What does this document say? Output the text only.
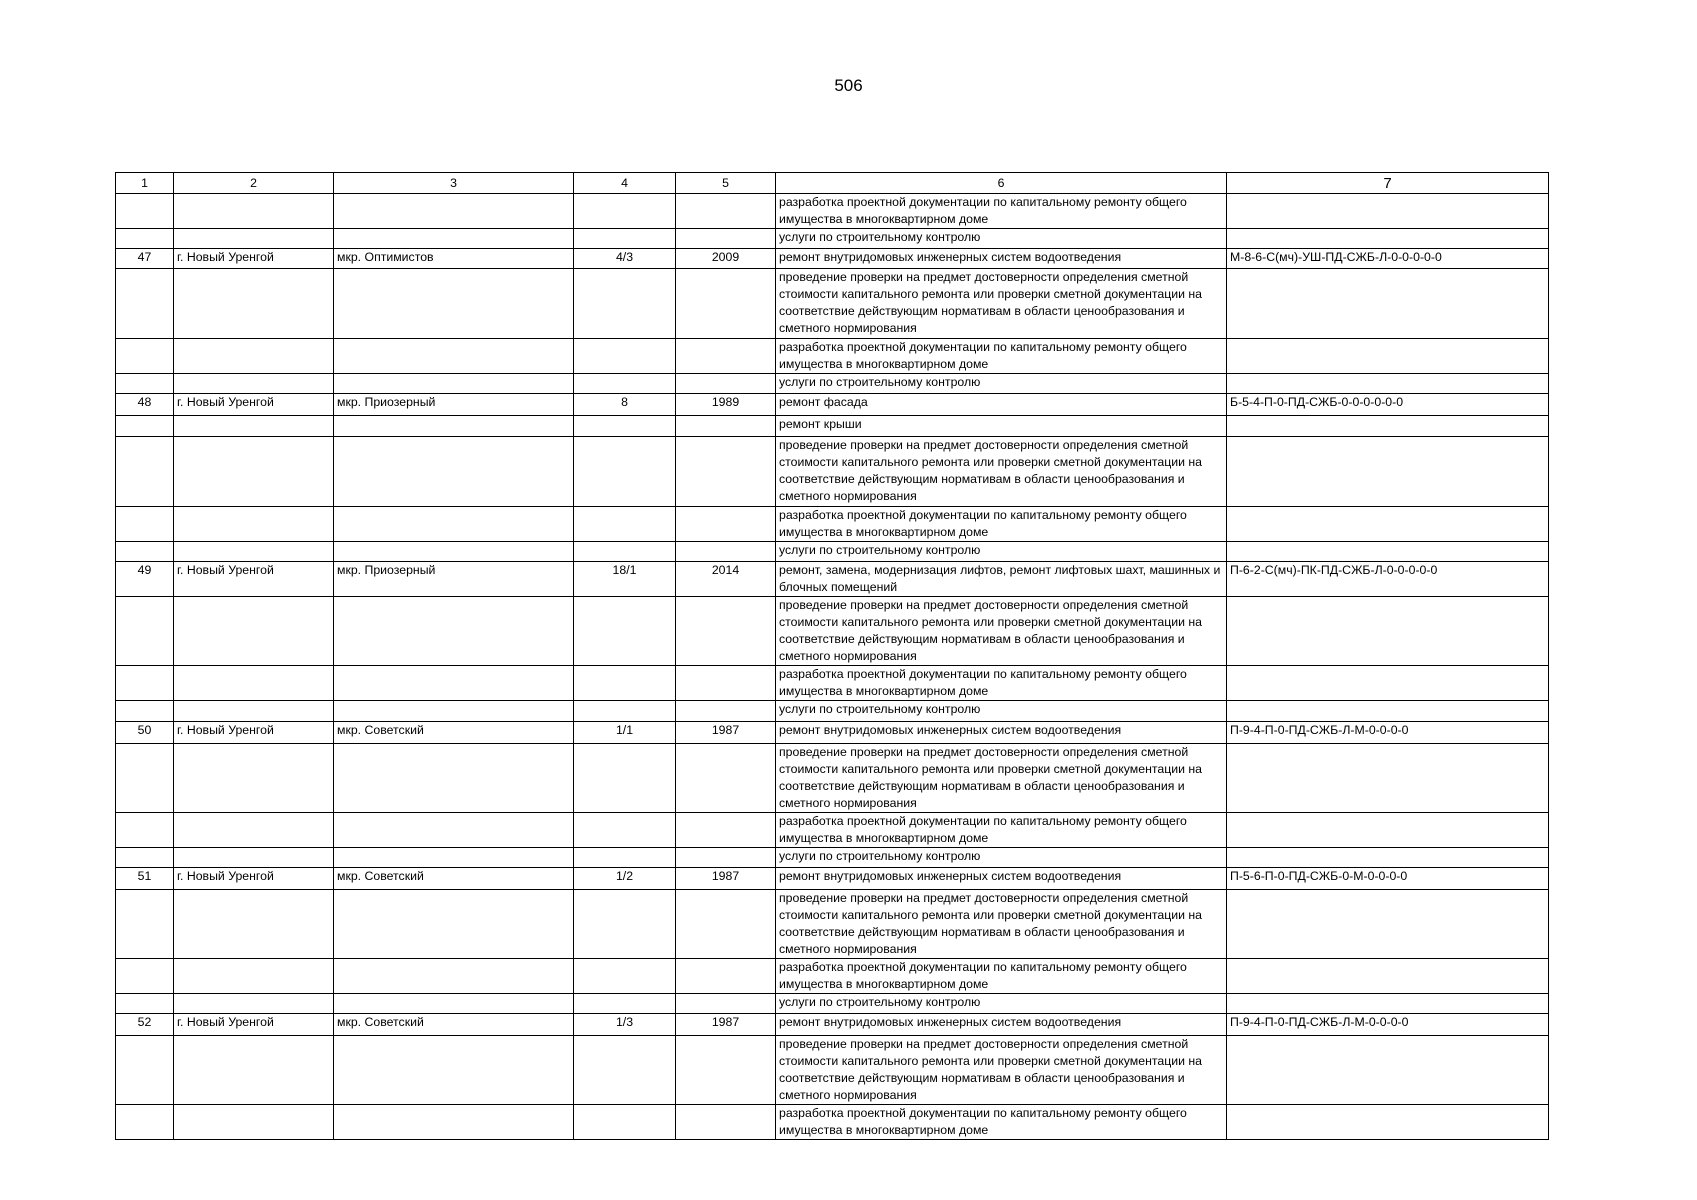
506
1	2	3	4	5	6	7
					разработка проектной документации по капитальному ремонту общего имущества в многоквартирном доме	
					услуги по строительному контролю	
47	г. Новый Уренгой	мкр. Оптимистов	4/3	2009	ремонт внутридомовых инженерных систем водоотведения	М-8-6-С(мч)-УШ-ПД-СЖБ-Л-0-0-0-0-0
					проведение проверки на предмет достоверности определения сметной стоимости капитального ремонта или проверки сметной документации на соответствие действующим нормативам в области ценообразования и сметного нормирования	
					разработка проектной документации по капитальному ремонту общего имущества в многоквартирном доме	
					услуги по строительному контролю	
48	г. Новый Уренгой	мкр. Приозерный	8	1989	ремонт фасада	Б-5-4-П-0-ПД-СЖБ-0-0-0-0-0-0
					ремонт крыши	
					проведение проверки на предмет достоверности определения сметной стоимости капитального ремонта или проверки сметной документации на соответствие действующим нормативам в области ценообразования и сметного нормирования	
					разработка проектной документации по капитальному ремонту общего имущества в многоквартирном доме	
					услуги по строительному контролю	
49	г. Новый Уренгой	мкр. Приозерный	18/1	2014	ремонт, замена, модернизация лифтов, ремонт лифтовых шахт, машинных и блочных помещений	П-6-2-С(мч)-ПК-ПД-СЖБ-Л-0-0-0-0-0
					проведение проверки на предмет достоверности определения сметной стоимости капитального ремонта или проверки сметной документации на соответствие действующим нормативам в области ценообразования и сметного нормирования	
					разработка проектной документации по капитальному ремонту общего имущества в многоквартирном доме	
					услуги по строительному контролю	
50	г. Новый Уренгой	мкр. Советский	1/1	1987	ремонт внутридомовых инженерных систем водоотведения	П-9-4-П-0-ПД-СЖБ-Л-М-0-0-0-0
					проведение проверки на предмет достоверности определения сметной стоимости капитального ремонта или проверки сметной документации на соответствие действующим нормативам в области ценообразования и сметного нормирования	
					разработка проектной документации по капитальному ремонту общего имущества в многоквартирном доме	
					услуги по строительному контролю	
51	г. Новый Уренгой	мкр. Советский	1/2	1987	ремонт внутридомовых инженерных систем водоотведения	П-5-6-П-0-ПД-СЖБ-0-М-0-0-0-0
					проведение проверки на предмет достоверности определения сметной стоимости капитального ремонта или проверки сметной документации на соответствие действующим нормативам в области ценообразования и сметного нормирования	
					разработка проектной документации по капитальному ремонту общего имущества в многоквартирном доме	
					услуги по строительному контролю	
52	г. Новый Уренгой	мкр. Советский	1/3	1987	ремонт внутридомовых инженерных систем водоотведения	П-9-4-П-0-ПД-СЖБ-Л-М-0-0-0-0
					проведение проверки на предмет достоверности определения сметной стоимости капитального ремонта или проверки сметной документации на соответствие действующим нормативам в области ценообразования и сметного нормирования	
					разработка проектной документации по капитальному ремонту общего имущества в многоквартирном доме	
